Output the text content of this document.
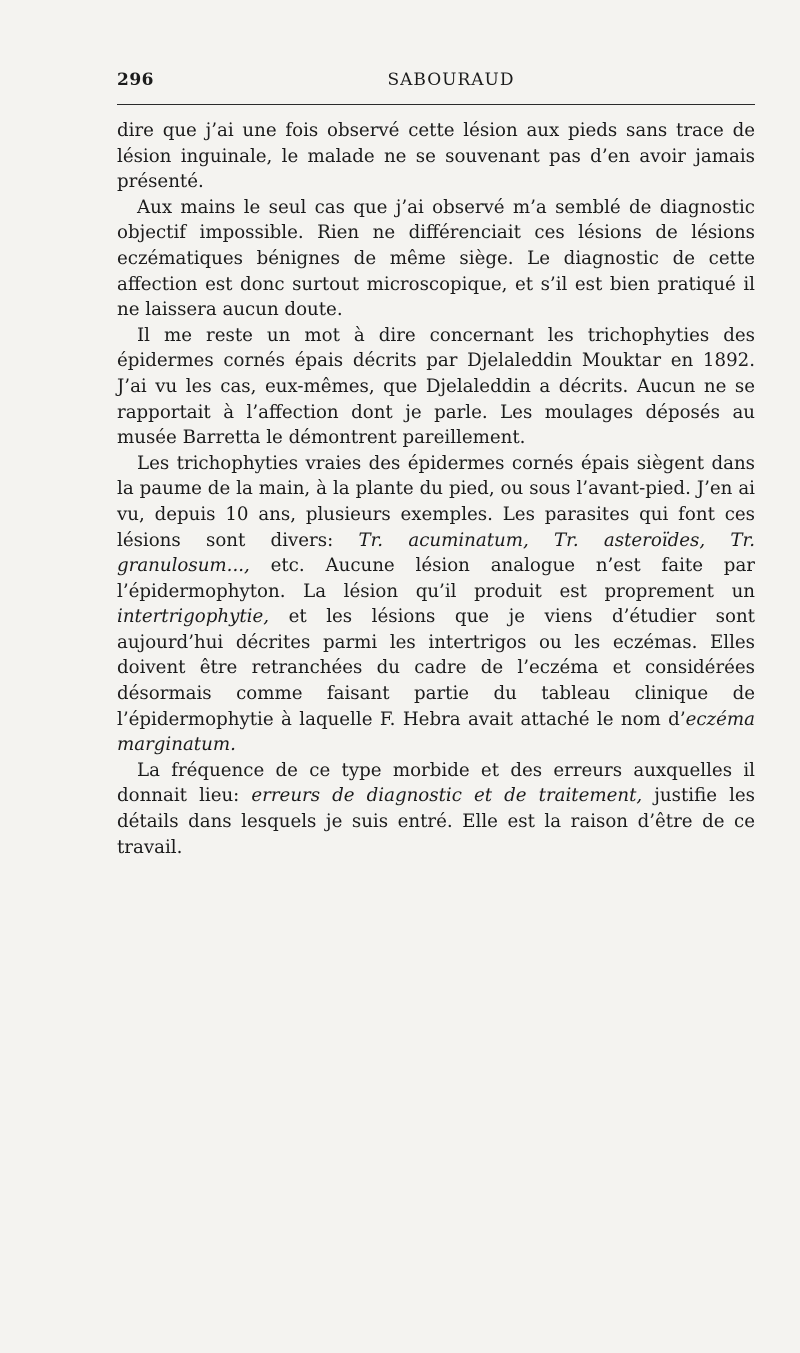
296	SABOURAUD

dire que j’ai une fois observé cette lésion aux pieds sans trace de lésion inguinale, le malade ne se souvenant pas d’en avoir jamais présenté.

Aux mains le seul cas que j’ai observé m’a semblé de diagnostic objectif impossible. Rien ne différenciait ces lésions de lésions eczématiques bénignes de même siège. Le diagnostic de cette affection est donc surtout microscopique, et s’il est bien pratiqué il ne laissera aucun doute.

Il me reste un mot à dire concernant les trichophyties des épidermes cornés épais décrits par Djelaleddin Mouktar en 1892. J’ai vu les cas, eux-mêmes, que Djelaleddin a décrits. Aucun ne se rapportait à l’affection dont je parle. Les moulages déposés au musée Barretta le démontrent pareillement.

Les trichophyties vraies des épidermes cornés épais siègent dans la paume de la main, à la plante du pied, ou sous l’avant-pied. J’en ai vu, depuis 10 ans, plusieurs exemples. Les parasites qui font ces lésions sont divers: Tr. acuminatum, Tr. asteroïdes, Tr. granulosum..., etc. Aucune lésion analogue n’est faite par l’épidermophyton. La lésion qu’il produit est proprement un intertrigophytie, et les lésions que je viens d’étudier sont aujourd’hui décrites parmi les intertrigos ou les eczémas. Elles doivent être retranchées du cadre de l’eczéma et considérées désormais comme faisant partie du tableau clinique de l’épidermophytie à laquelle F. Hebra avait attaché le nom d’eczéma marginatum.

La fréquence de ce type morbide et des erreurs auxquelles il donnait lieu: erreurs de diagnostic et de traitement, justifie les détails dans lesquels je suis entré. Elle est la raison d’être de ce travail.
